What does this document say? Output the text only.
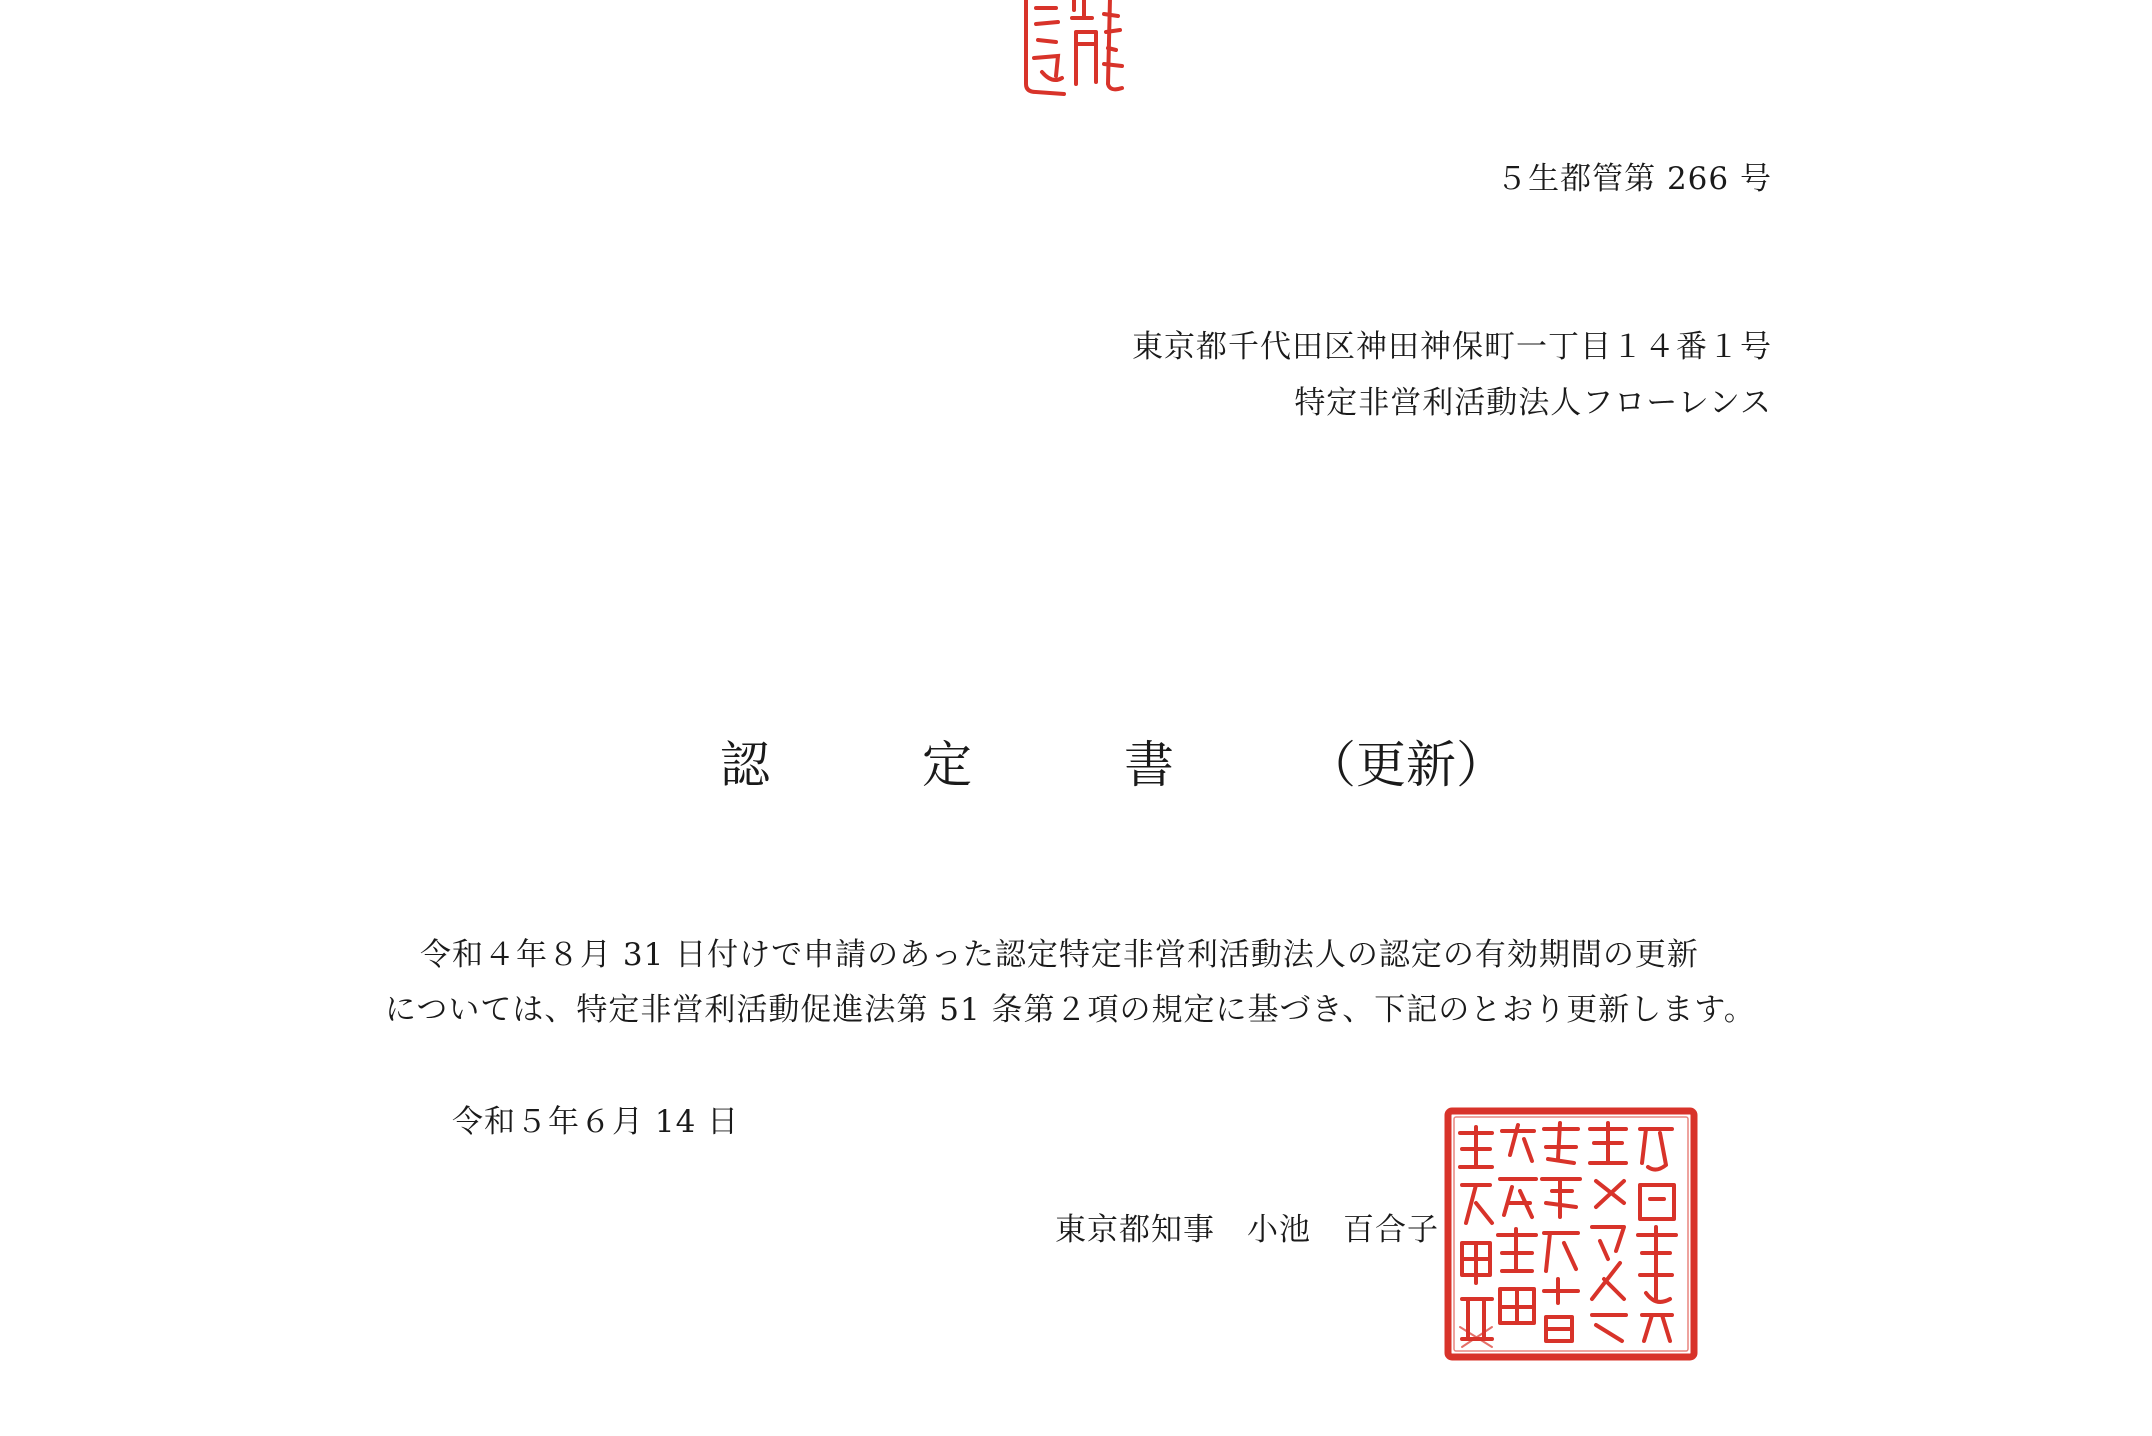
５生都管第 266 号
東京都千代田区神田神保町一丁目１４番１号
特定非営利活動法人フローレンス
認	定	書	（更新）
令和４年８月 31 日付けで申請のあった認定特定非営利活動法人の認定の有効期間の更新
については、特定非営利活動促進法第 51 条第２項の規定に基づき、下記のとおり更新します。
令和５年６月 14 日
東京都知事　小池　百合子
